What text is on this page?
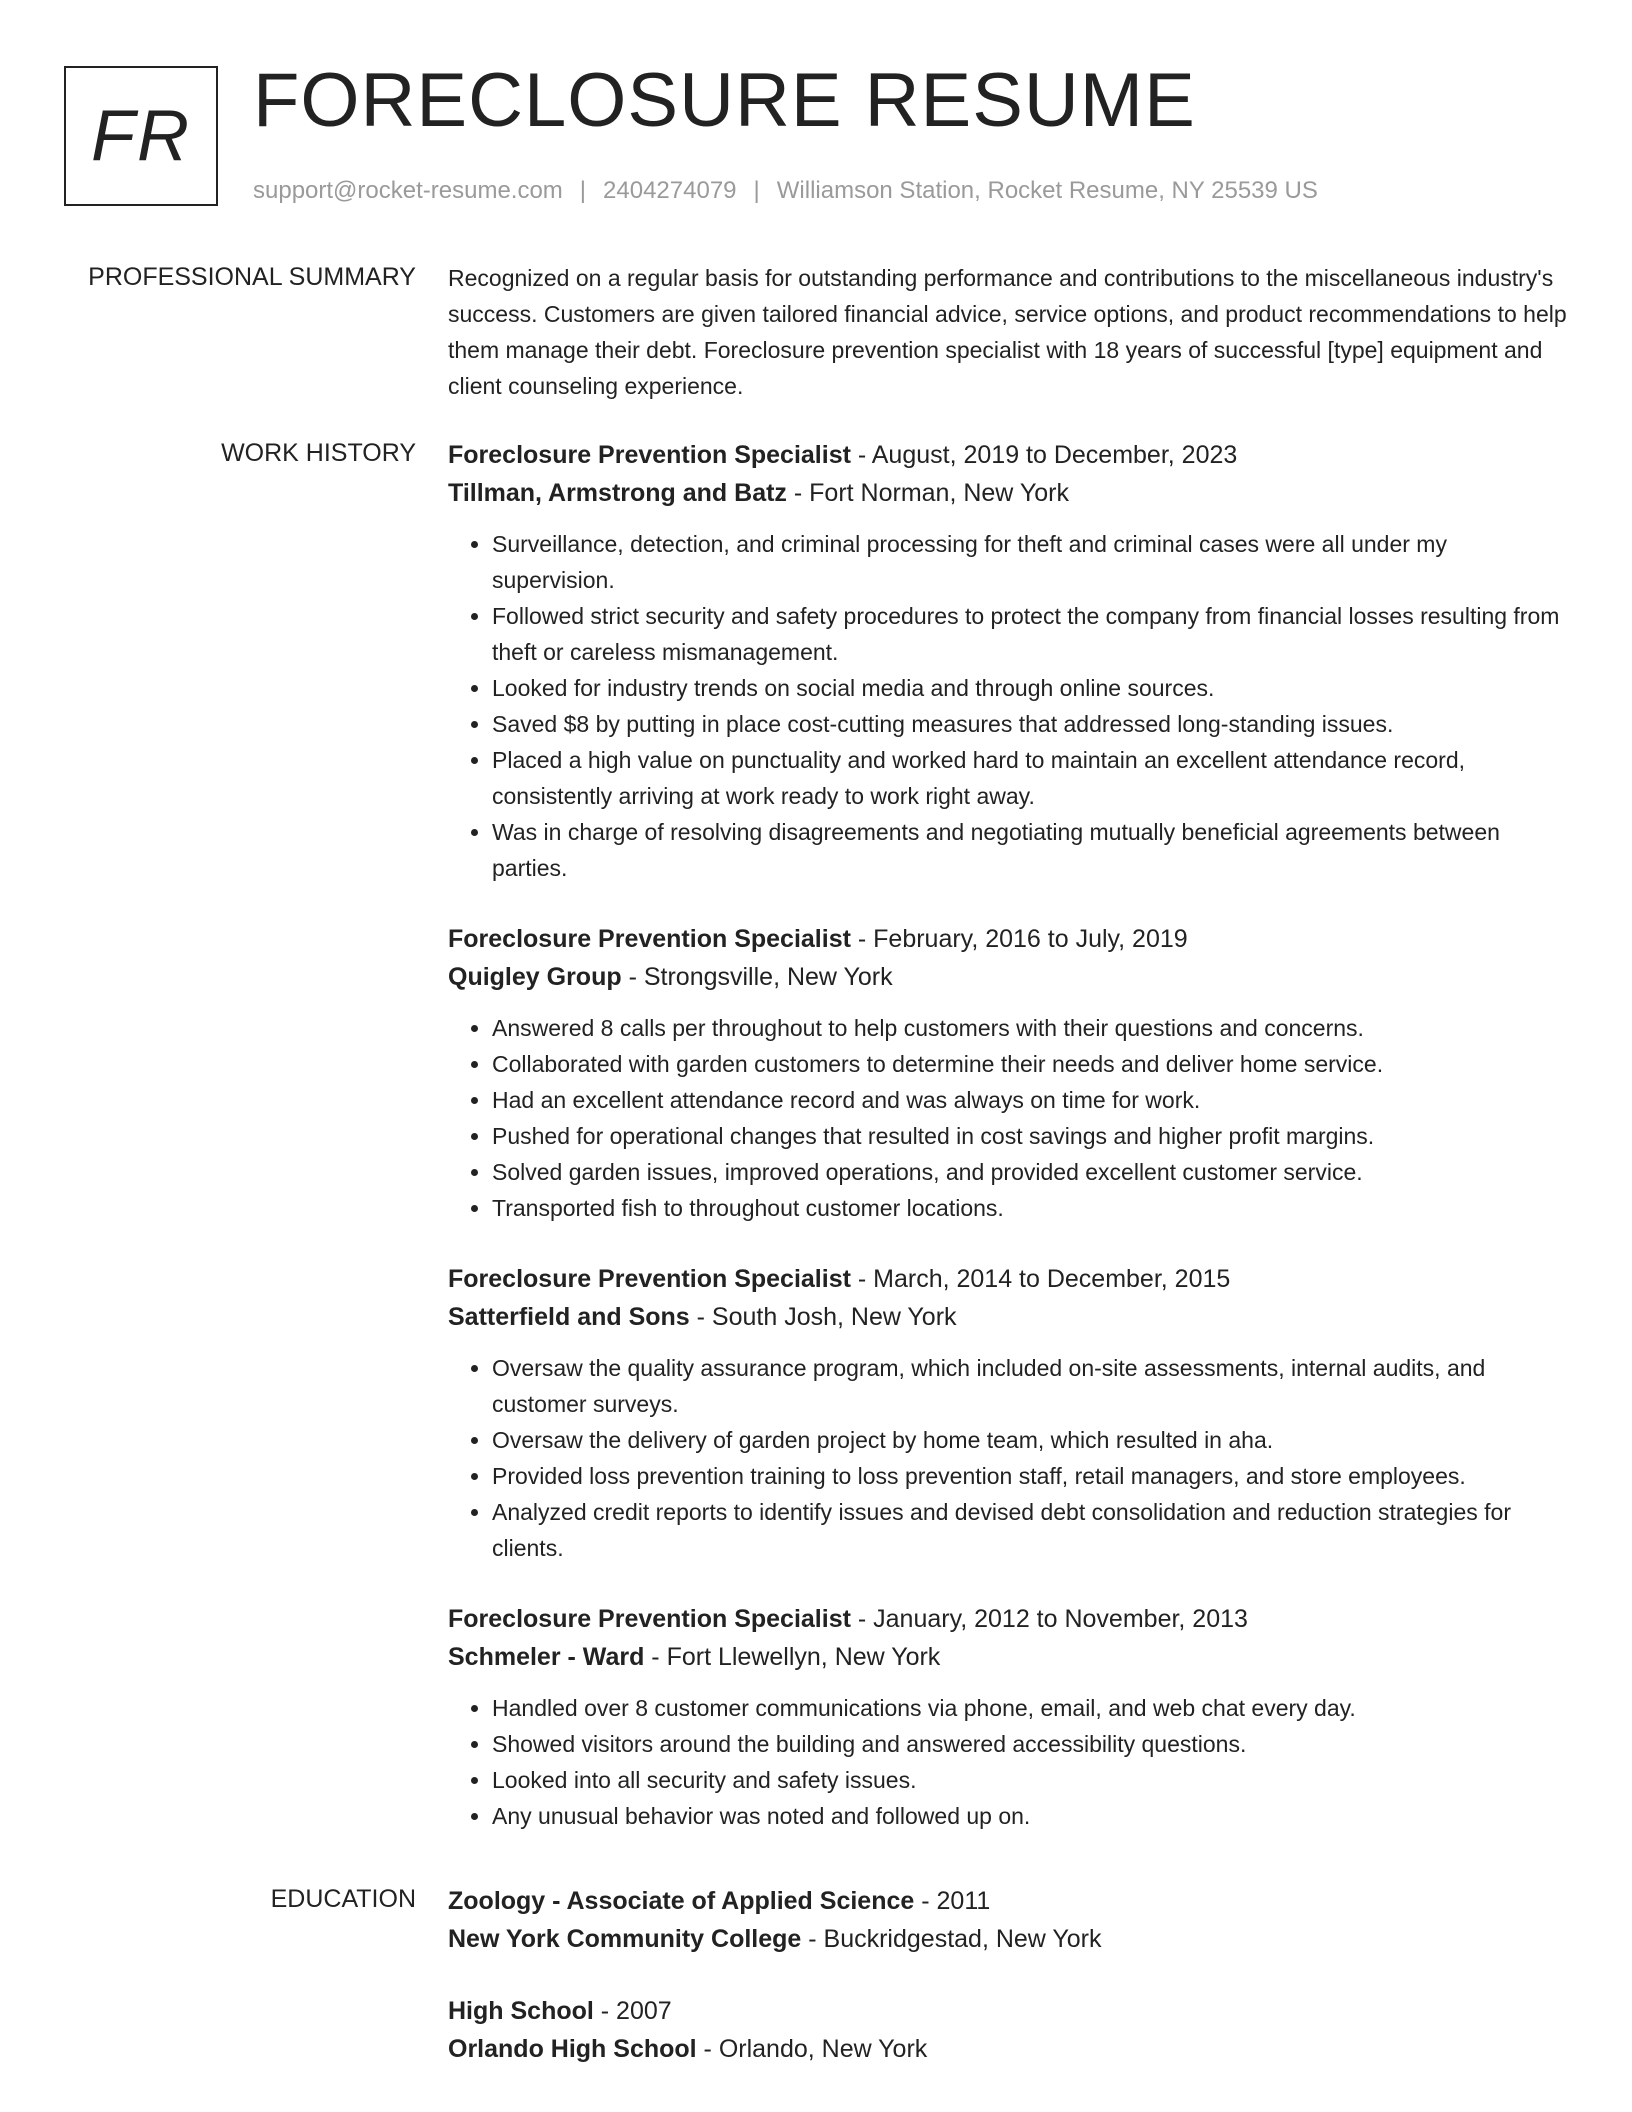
FR FORECLOSURE RESUME
support@rocket-resume.com | 2404274079 | Williamson Station, Rocket Resume, NY 25539 US
PROFESSIONAL SUMMARY Recognized on a regular basis for outstanding performance and contributions to the miscellaneous industry's success. Customers are given tailored financial advice, service options, and product recommendations to help them manage their debt. Foreclosure prevention specialist with 18 years of successful [type] equipment and client counseling experience.

WORK HISTORY Foreclosure Prevention Specialist - August, 2019 to December, 2023
Tillman, Armstrong and Batz - Fort Norman, New York
• Surveillance, detection, and criminal processing for theft and criminal cases were all under my supervision.
• Followed strict security and safety procedures to protect the company from financial losses resulting from theft or careless mismanagement.
• Looked for industry trends on social media and through online sources.
• Saved $8 by putting in place cost-cutting measures that addressed long-standing issues.
• Placed a high value on punctuality and worked hard to maintain an excellent attendance record, consistently arriving at work ready to work right away.
• Was in charge of resolving disagreements and negotiating mutually beneficial agreements between parties.
Foreclosure Prevention Specialist - February, 2016 to July, 2019
Quigley Group - Strongsville, New York
• Answered 8 calls per throughout to help customers with their questions and concerns.
• Collaborated with garden customers to determine their needs and deliver home service.
• Had an excellent attendance record and was always on time for work.
• Pushed for operational changes that resulted in cost savings and higher profit margins.
• Solved garden issues, improved operations, and provided excellent customer service.
• Transported fish to throughout customer locations.
Foreclosure Prevention Specialist - March, 2014 to December, 2015
Satterfield and Sons - South Josh, New York
• Oversaw the quality assurance program, which included on-site assessments, internal audits, and customer surveys.
• Oversaw the delivery of garden project by home team, which resulted in aha.
• Provided loss prevention training to loss prevention staff, retail managers, and store employees.
• Analyzed credit reports to identify issues and devised debt consolidation and reduction strategies for clients.
Foreclosure Prevention Specialist - January, 2012 to November, 2013
Schmeler - Ward - Fort Llewellyn, New York
• Handled over 8 customer communications via phone, email, and web chat every day.
• Showed visitors around the building and answered accessibility questions.
• Looked into all security and safety issues.
• Any unusual behavior was noted and followed up on.
EDUCATION Zoology - Associate of Applied Science - 2011
New York Community College - Buckridgestad, New York
High School - 2007
Orlando High School - Orlando, New York
